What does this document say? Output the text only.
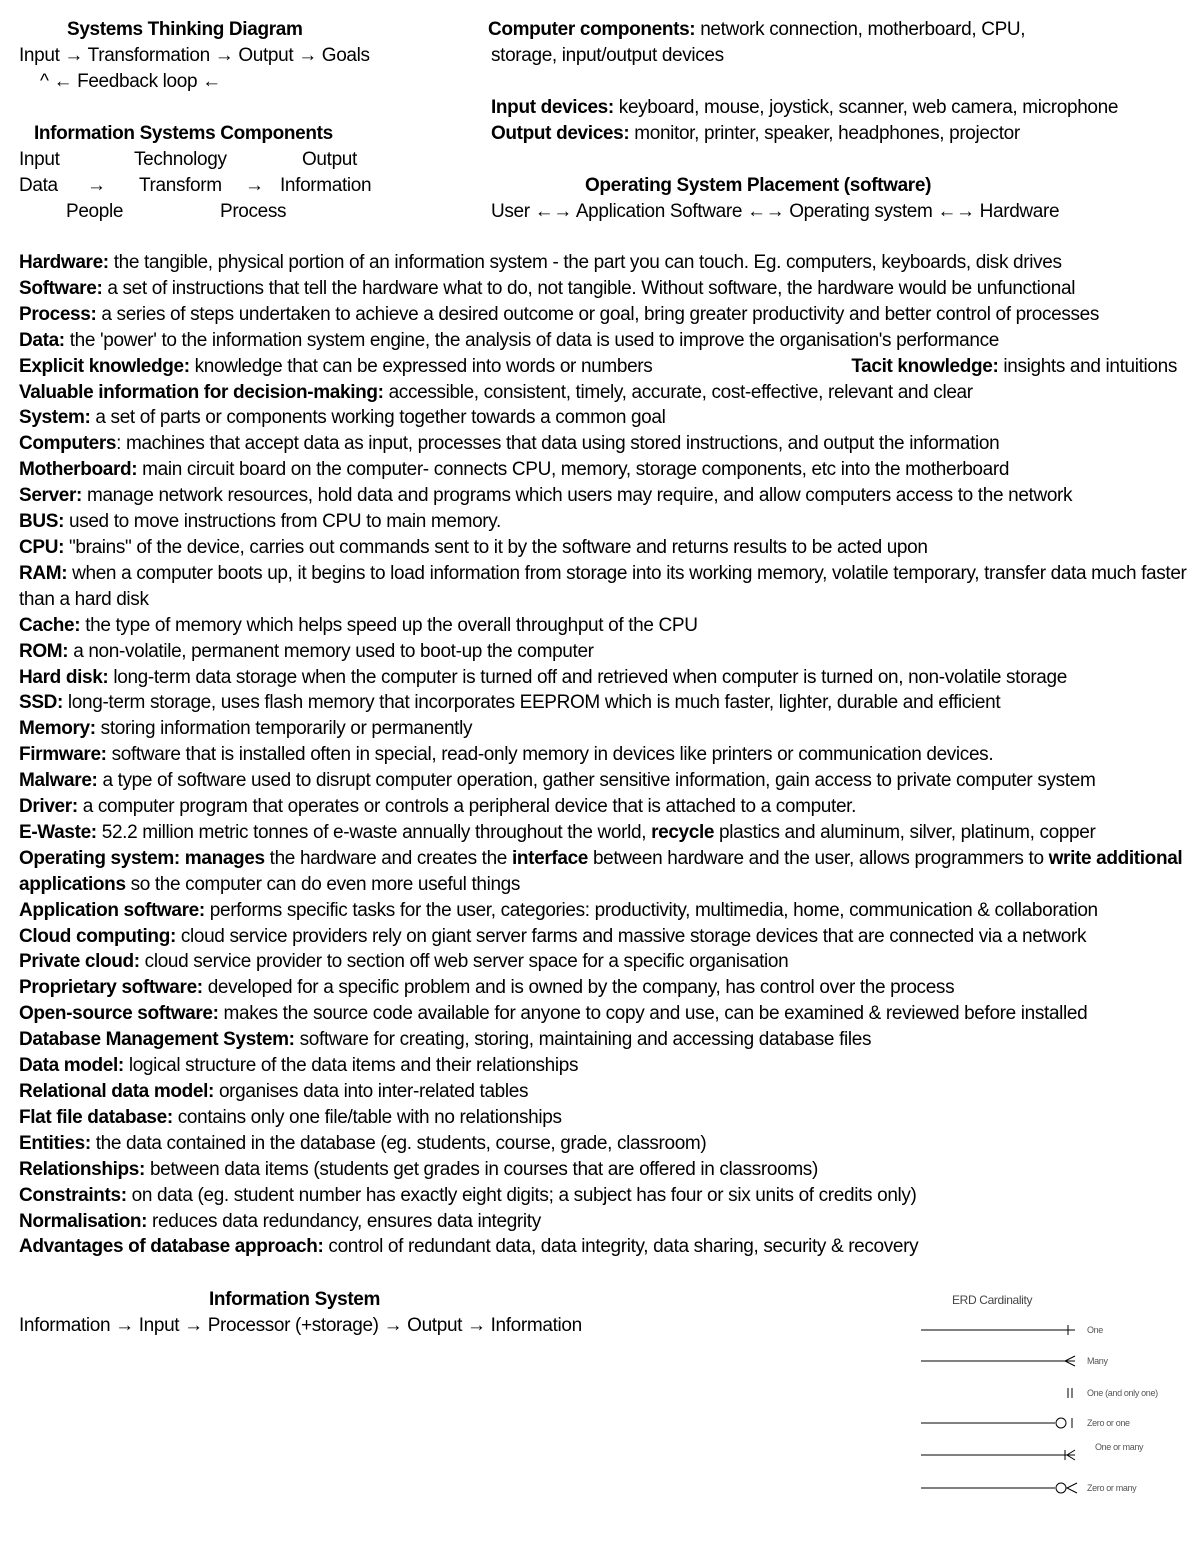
Systems Thinking Diagram
Input → Transformation → Output → Goals
^ ← Feedback loop ←
Information Systems Components
Input	Technology	Output
Data → Transform → Information
People	Process
Computer components: network connection, motherboard, CPU,
storage, input/output devices
Input devices: keyboard, mouse, joystick, scanner, web camera, microphone
Output devices: monitor, printer, speaker, headphones, projector
Operating System Placement (software)
User ←→ Application Software ←→ Operating system ←→ Hardware
Hardware: the tangible, physical portion of an information system - the part you can touch. Eg. computers, keyboards, disk drives
Software: a set of instructions that tell the hardware what to do, not tangible. Without software, the hardware would be unfunctional
Process: a series of steps undertaken to achieve a desired outcome or goal, bring greater productivity and better control of processes
Data: the 'power' to the information system engine, the analysis of data is used to improve the organisation's performance
Explicit knowledge: knowledge that can be expressed into words or numbers	Tacit knowledge: insights and intuitions
Valuable information for decision-making: accessible, consistent, timely, accurate, cost-effective, relevant and clear
System: a set of parts or components working together towards a common goal
Computers: machines that accept data as input, processes that data using stored instructions, and output the information
Motherboard: main circuit board on the computer- connects CPU, memory, storage components, etc into the motherboard
Server: manage network resources, hold data and programs which users may require, and allow computers access to the network
BUS: used to move instructions from CPU to main memory.
CPU: "brains" of the device, carries out commands sent to it by the software and returns results to be acted upon
RAM: when a computer boots up, it begins to load information from storage into its working memory, volatile temporary, transfer data much faster than a hard disk
Cache: the type of memory which helps speed up the overall throughput of the CPU
ROM: a non-volatile, permanent memory used to boot-up the computer
Hard disk: long-term data storage when the computer is turned off and retrieved when computer is turned on, non-volatile storage
SSD: long-term storage, uses flash memory that incorporates EEPROM which is much faster, lighter, durable and efficient
Memory: storing information temporarily or permanently
Firmware: software that is installed often in special, read-only memory in devices like printers or communication devices.
Malware: a type of software used to disrupt computer operation, gather sensitive information, gain access to private computer system
Driver: a computer program that operates or controls a peripheral device that is attached to a computer.
E-Waste: 52.2 million metric tonnes of e-waste annually throughout the world, recycle plastics and aluminum, silver, platinum, copper
Operating system: manages the hardware and creates the interface between hardware and the user, allows programmers to write additional applications so the computer can do even more useful things
Application software: performs specific tasks for the user, categories: productivity, multimedia, home, communication & collaboration
Cloud computing: cloud service providers rely on giant server farms and massive storage devices that are connected via a network
Private cloud: cloud service provider to section off web server space for a specific organisation
Proprietary software: developed for a specific problem and is owned by the company, has control over the process
Open-source software: makes the source code available for anyone to copy and use, can be examined & reviewed before installed
Database Management System: software for creating, storing, maintaining and accessing database files
Data model: logical structure of the data items and their relationships
Relational data model: organises data into inter-related tables
Flat file database: contains only one file/table with no relationships
Entities: the data contained in the database (eg. students, course, grade, classroom)
Relationships: between data items (students get grades in courses that are offered in classrooms)
Constraints: on data (eg. student number has exactly eight digits; a subject has four or six units of credits only)
Normalisation: reduces data redundancy, ensures data integrity
Advantages of database approach: control of redundant data, data integrity, data sharing, security & recovery
Information System
Information → Input → Processor (+storage) → Output → Information
ERD Cardinality
One
Many
One (and only one)
Zero or one
One or many
Zero or many
